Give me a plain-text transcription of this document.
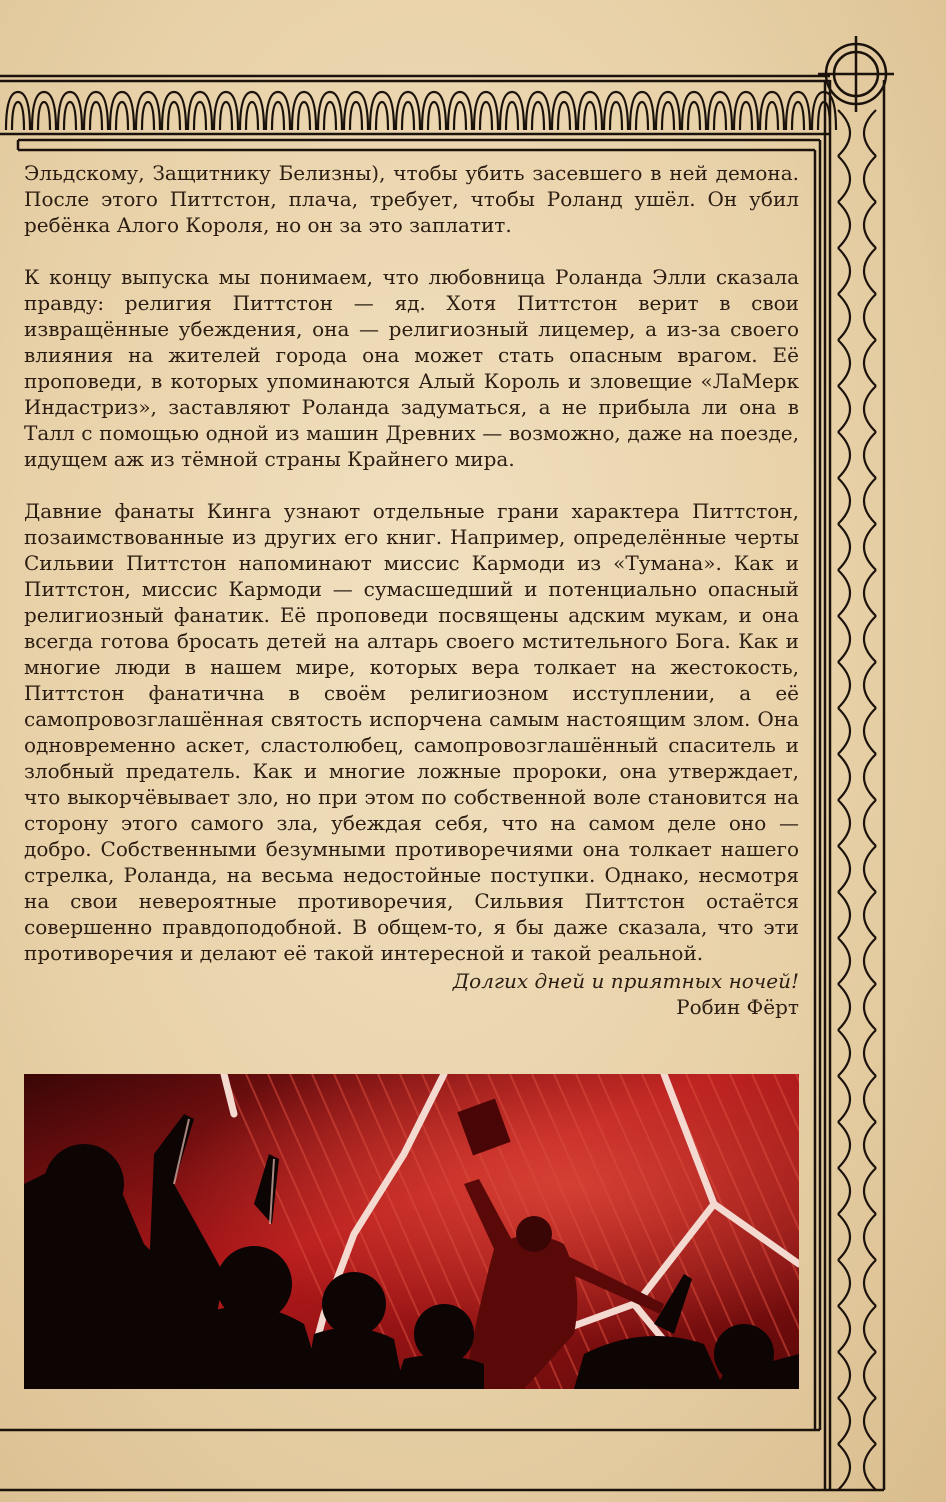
Эльдскому, Защитнику Белизны), чтобы убить засевшего в ней демона. После этого Питтстон, плача, требует, чтобы Роланд ушёл. Он убил ребёнка Алого Короля, но он за это заплатит.

К концу выпуска мы понимаем, что любовница Роланда Элли сказала правду: религия Питтстон — яд. Хотя Питтстон верит в свои извращённые убеждения, она — религиозный лицемер, а из-за своего влияния на жителей города она может стать опасным врагом. Её проповеди, в которых упоминаются Алый Король и зловещие «ЛаМерк Индастриз», заставляют Роланда задуматься, а не прибыла ли она в Талл с помощью одной из машин Древних — возможно, даже на поезде, идущем аж из тёмной страны Крайнего мира.

Давние фанаты Кинга узнают отдельные грани характера Питтстон, позаимствованные из других его книг. Например, определённые черты Сильвии Питтстон напоминают миссис Кармоди из «Тумана». Как и Питтстон, миссис Кармоди — сумасшедший и потенциально опасный религиозный фанатик. Её проповеди посвящены адским мукам, и она всегда готова бросать детей на алтарь своего мстительного Бога. Как и многие люди в нашем мире, которых вера толкает на жестокость, Питтстон фанатична в своём религиозном исступлении, а её самопровозглашённая святость испорчена самым настоящим злом. Она одновременно аскет, сластолюбец, самопровозглашённый спаситель и злобный предатель. Как и многие ложные пророки, она утверждает, что выкорчёвывает зло, но при этом по собственной воле становится на сторону этого самого зла, убеждая себя, что на самом деле оно — добро. Собственными безумными противоречиями она толкает нашего стрелка, Роланда, на весьма недостойные поступки. Однако, несмотря на свои невероятные противоречия, Сильвия Питтстон остаётся совершенно правдоподобной. В общем-то, я бы даже сказала, что эти противоречия и делают её такой интересной и такой реальной.

Долгих дней и приятных ночей!
Робин Фёрт
